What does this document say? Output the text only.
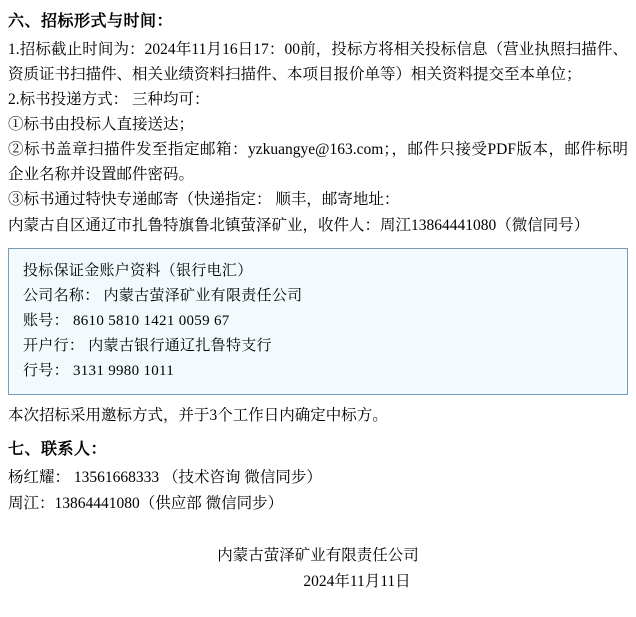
六、招标形式与时间：
1.招标截止时间为：2024年11月16日17：00前，投标方将相关投标信息（营业执照扫描件、资质证书扫描件、相关业绩资料扫描件、本项目报价单等）相关资料提交至本单位；
2.标书投递方式： 三种均可：
①标书由投标人直接送达；
②标书盖章扫描件发至指定邮箱：yzkuangye@163.com；，邮件只接受PDF版本，邮件标明企业名称并设置邮件密码。
③标书通过特快专递邮寄（快递指定： 顺丰，邮寄地址：
内蒙古自区通辽市扎鲁特旗鲁北镇萤泽矿业，收件人：周江13864441080（微信同号）
投标保证金账户资料（银行电汇）
公司名称： 内蒙古萤泽矿业有限责任公司
账号： 8610 5810 1421 0059 67
开户行： 内蒙古银行通辽扎鲁特支行
行号： 3131 9980 1011
本次招标采用邀标方式，并于3个工作日内确定中标方。
七、联系人：
杨红耀： 13561668333 （技术咨询 微信同步）
周江：13864441080（供应部 微信同步）
内蒙古萤泽矿业有限责任公司
2024年11月11日
